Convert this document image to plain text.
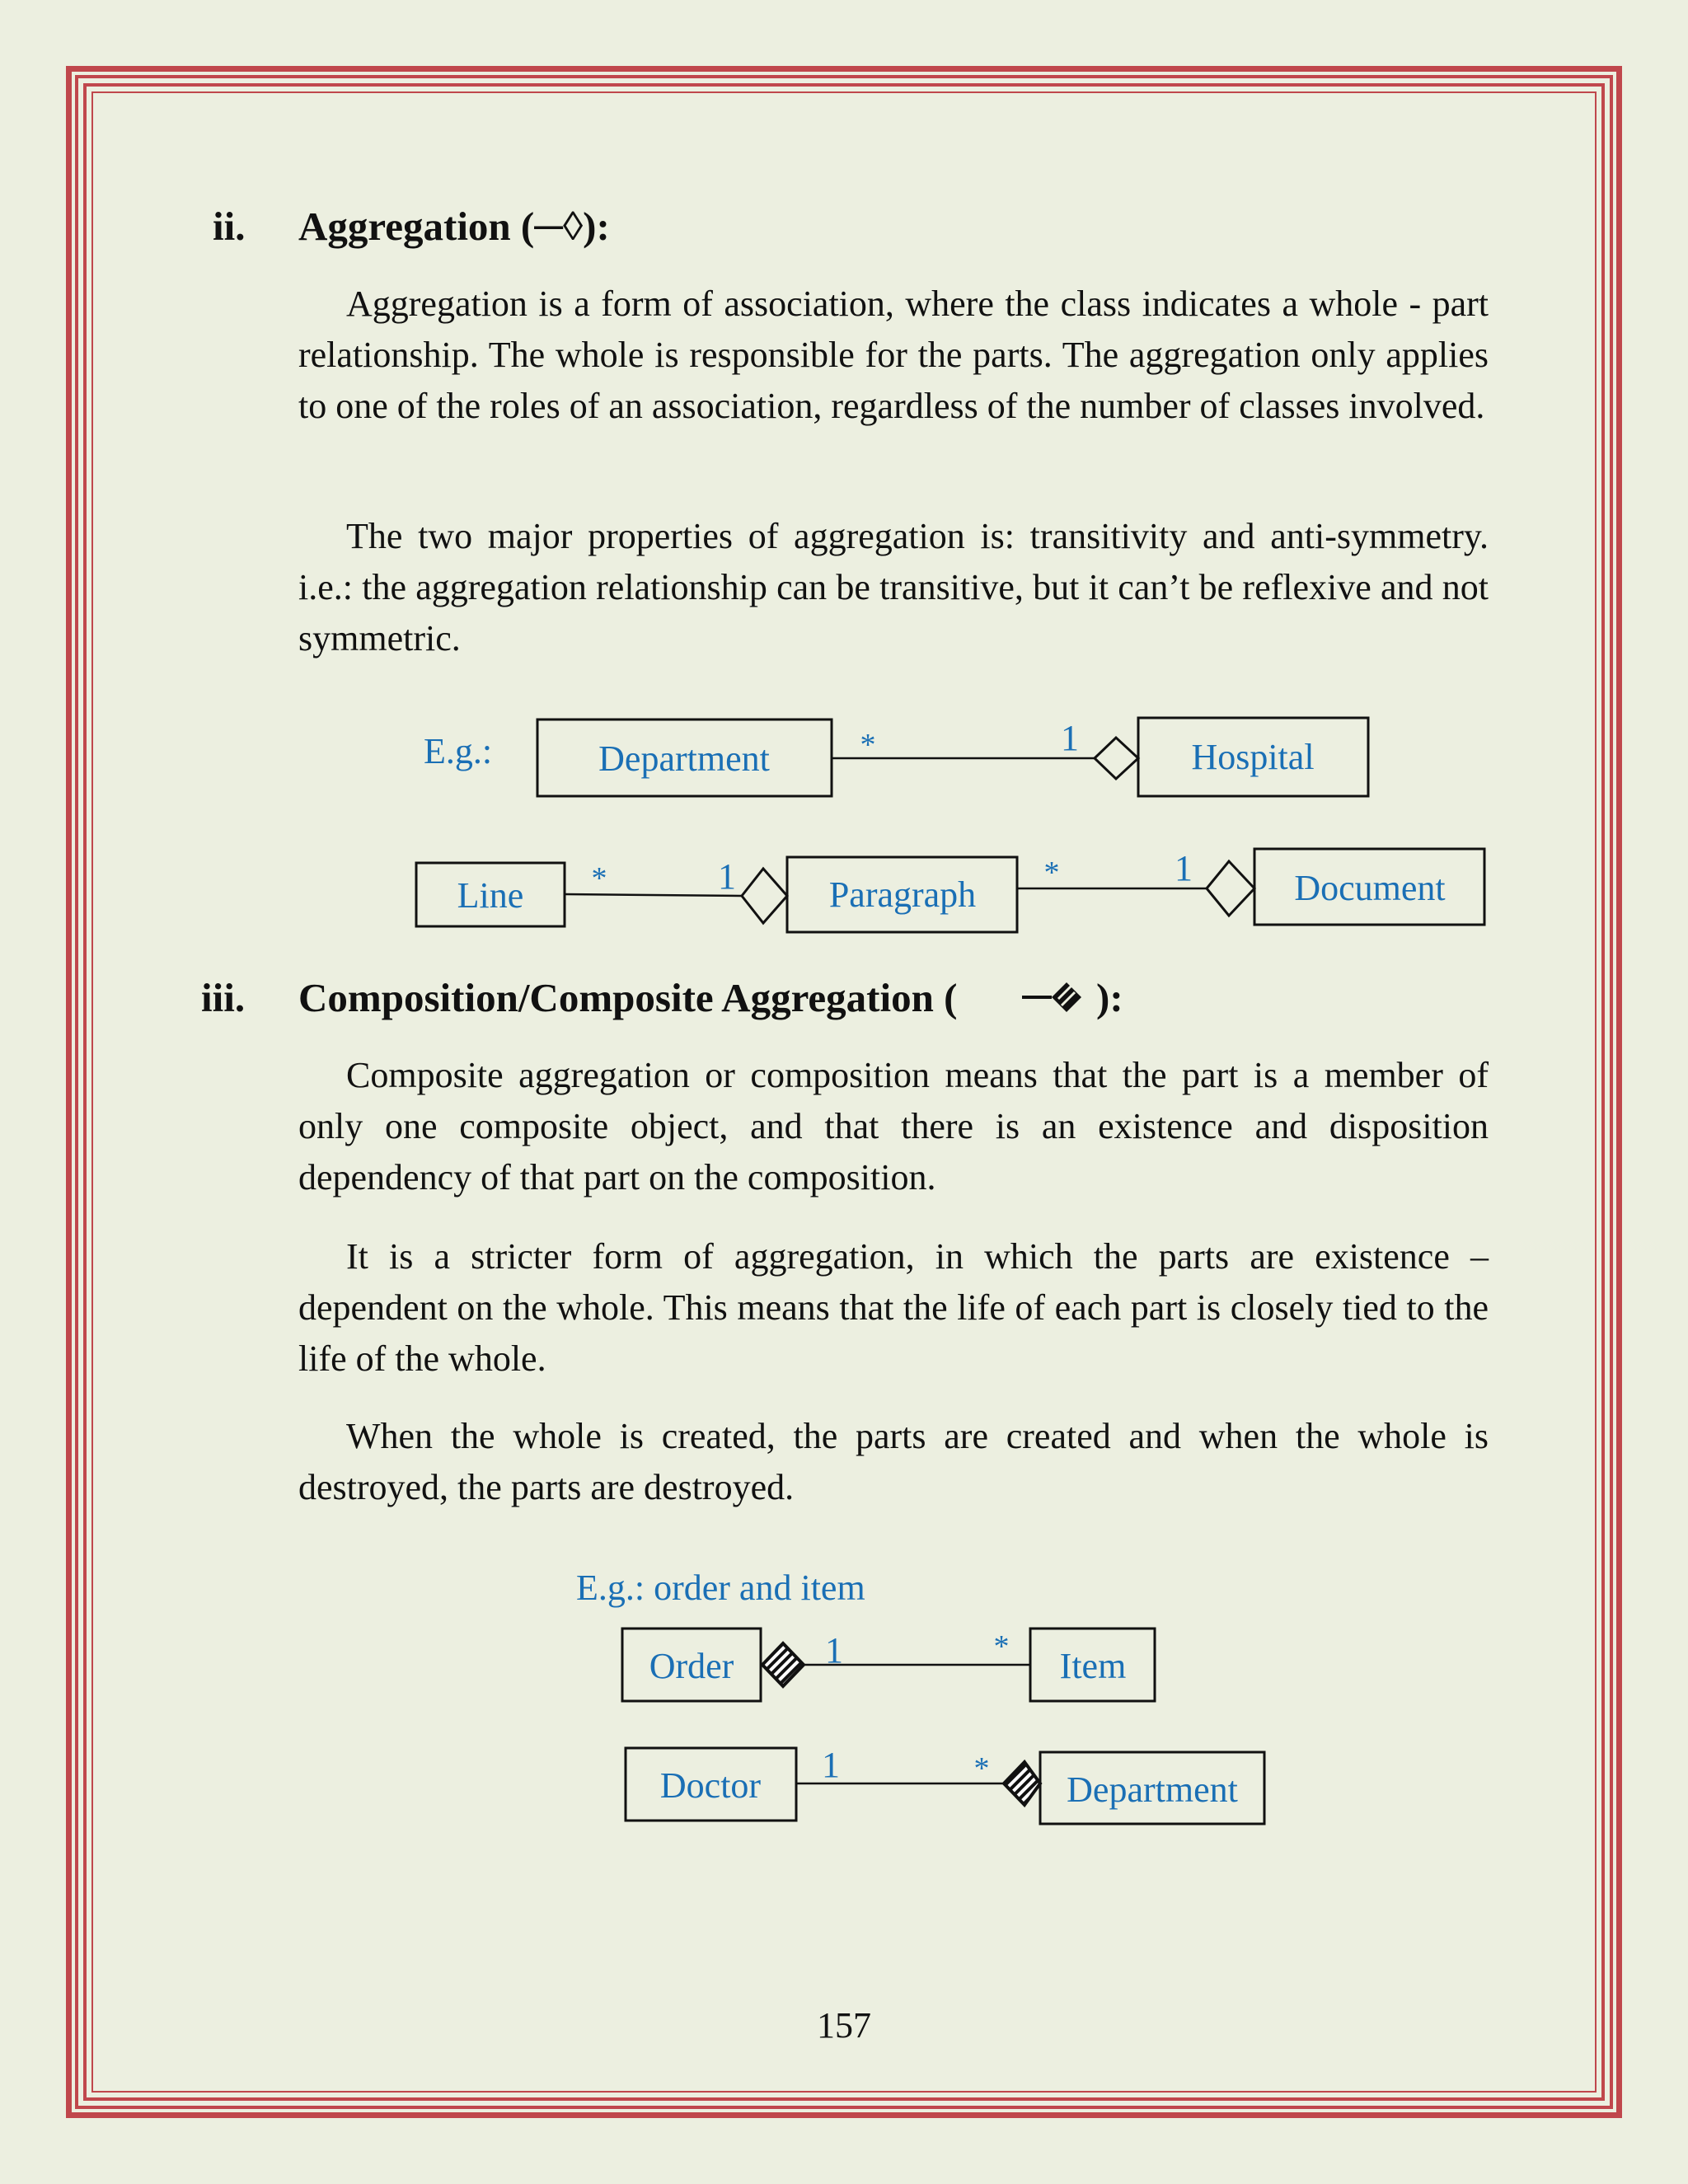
ii. Aggregation (─◊):

Aggregation is a form of association, where the class indicates a whole - part relationship. The whole is responsible for the parts. The aggregation only applies to one of the roles of an association, regardless of the number of classes involved.

The two major properties of aggregation is: transitivity and anti-symmetry. i.e.: the aggregation relationship can be transitive, but it can’t be reflexive and not symmetric.

iii. Composition/Composite Aggregation (	):

Composite aggregation or composition means that the part is a member of only one composite object, and that there is an existence and disposition dependency of that part on the composition.

It is a stricter form of aggregation, in which the parts are existence – dependent on the whole. This means that the life of each part is closely tied to the life of the whole.

When the whole is created, the parts are created and when the whole is destroyed, the parts are destroyed.

E.g.:	Department	*	1	Hospital
Line *	1	Paragraph
*	1	Document
E.g.: order and item
Order	1	* Item
Doctor
1	*
Department
157
